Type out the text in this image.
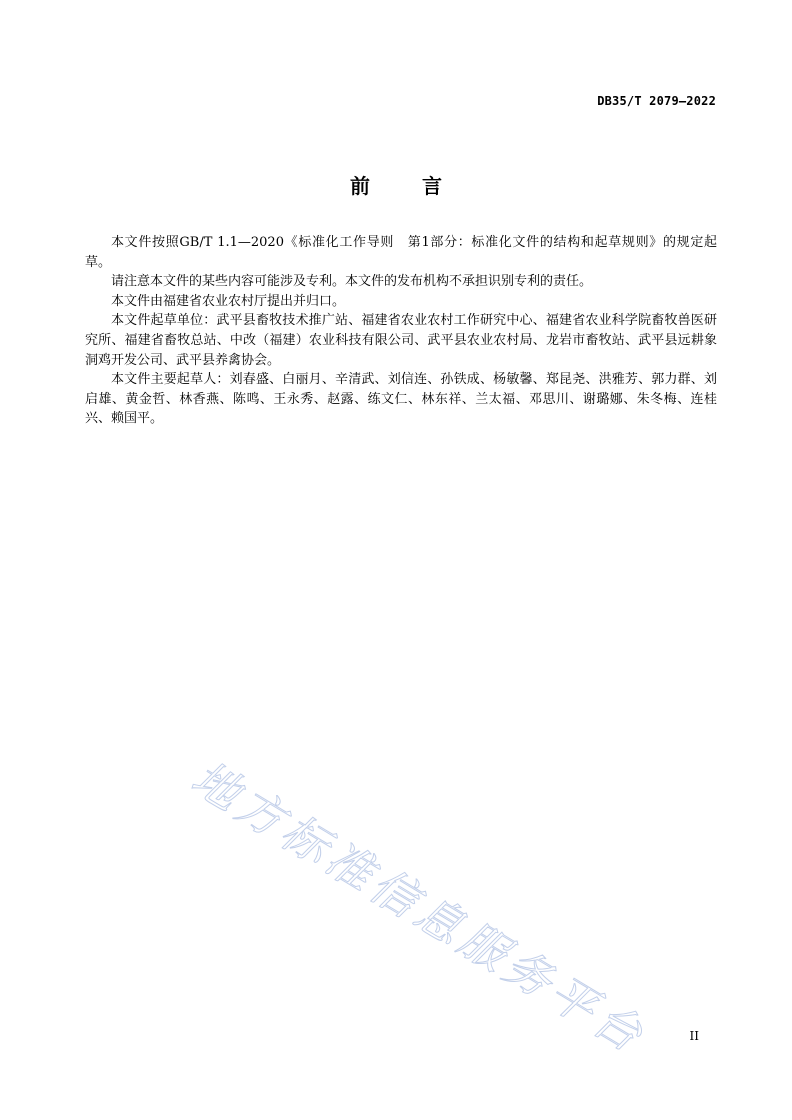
DB35/T 2079—2022
前	言

本文件按照GB/T 1.1—2020《标准化工作导则　第1部分：标准化文件的结构和起草规则》的规定起草。

请注意本文件的某些内容可能涉及专利。本文件的发布机构不承担识别专利的责任。

本文件由福建省农业农村厅提出并归口。

本文件起草单位：武平县畜牧技术推广站、福建省农业农村工作研究中心、福建省农业科学院畜牧兽医研究所、福建省畜牧总站、中改（福建）农业科技有限公司、武平县农业农村局、龙岩市畜牧站、武平县远耕象洞鸡开发公司、武平县养禽协会。

本文件主要起草人：刘春盛、白丽月、辛清武、刘信连、孙铁成、杨敏馨、郑昆尧、洪雅芳、郭力群、刘启雄、黄金哲、林香燕、陈鸣、王永秀、赵露、练文仁、林东祥、兰太福、邓思川、谢璐娜、朱冬梅、连桂兴、赖国平。

地方标准信息服务平台	II
